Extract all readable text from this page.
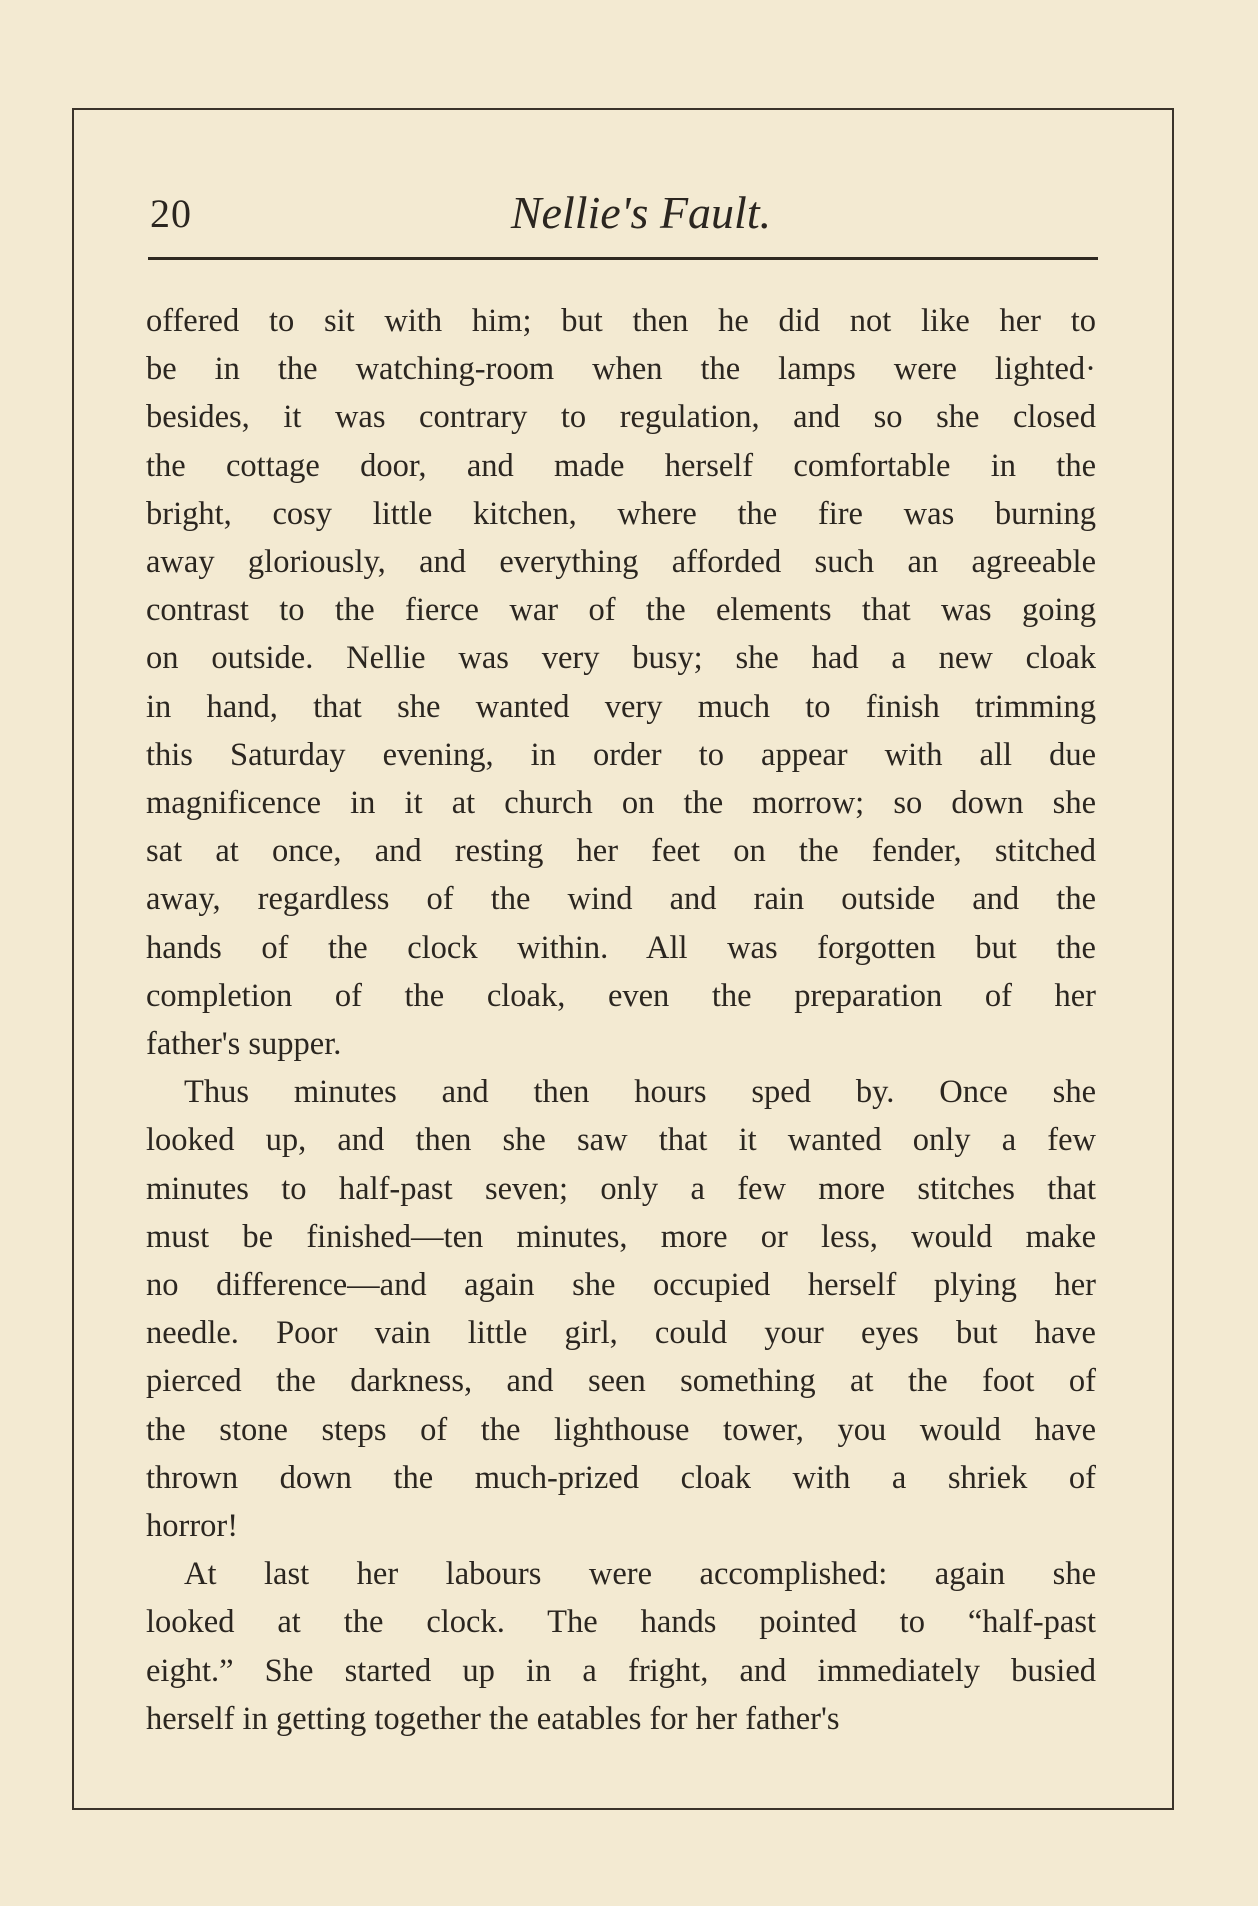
20	Nellie's Fault.

offered to sit with him; but then he did not like her to
be in the watching-room when the lamps were lighted·
besides, it was contrary to regulation, and so she closed
the cottage door, and made herself comfortable in the
bright, cosy little kitchen, where the fire was burning
away gloriously, and everything afforded such an agreeable
contrast to the fierce war of the elements that was going
on outside. Nellie was very busy; she had a new cloak
in hand, that she wanted very much to finish trimming
this Saturday evening, in order to appear with all due
magnificence in it at church on the morrow; so down she
sat at once, and resting her feet on the fender, stitched
away, regardless of the wind and rain outside and the
hands of the clock within. All was forgotten but the
completion of the cloak, even the preparation of her
father's supper.

Thus minutes and then hours sped by. Once she
looked up, and then she saw that it wanted only a few
minutes to half-past seven; only a few more stitches that
must be finished—ten minutes, more or less, would make
no difference—and again she occupied herself plying her
needle. Poor vain little girl, could your eyes but have
pierced the darkness, and seen something at the foot of
the stone steps of the lighthouse tower, you would have
thrown down the much-prized cloak with a shriek of
horror!

At last her labours were accomplished: again she
looked at the clock. The hands pointed to “half-past
eight.” She started up in a fright, and immediately busied
herself in getting together the eatables for her father's
